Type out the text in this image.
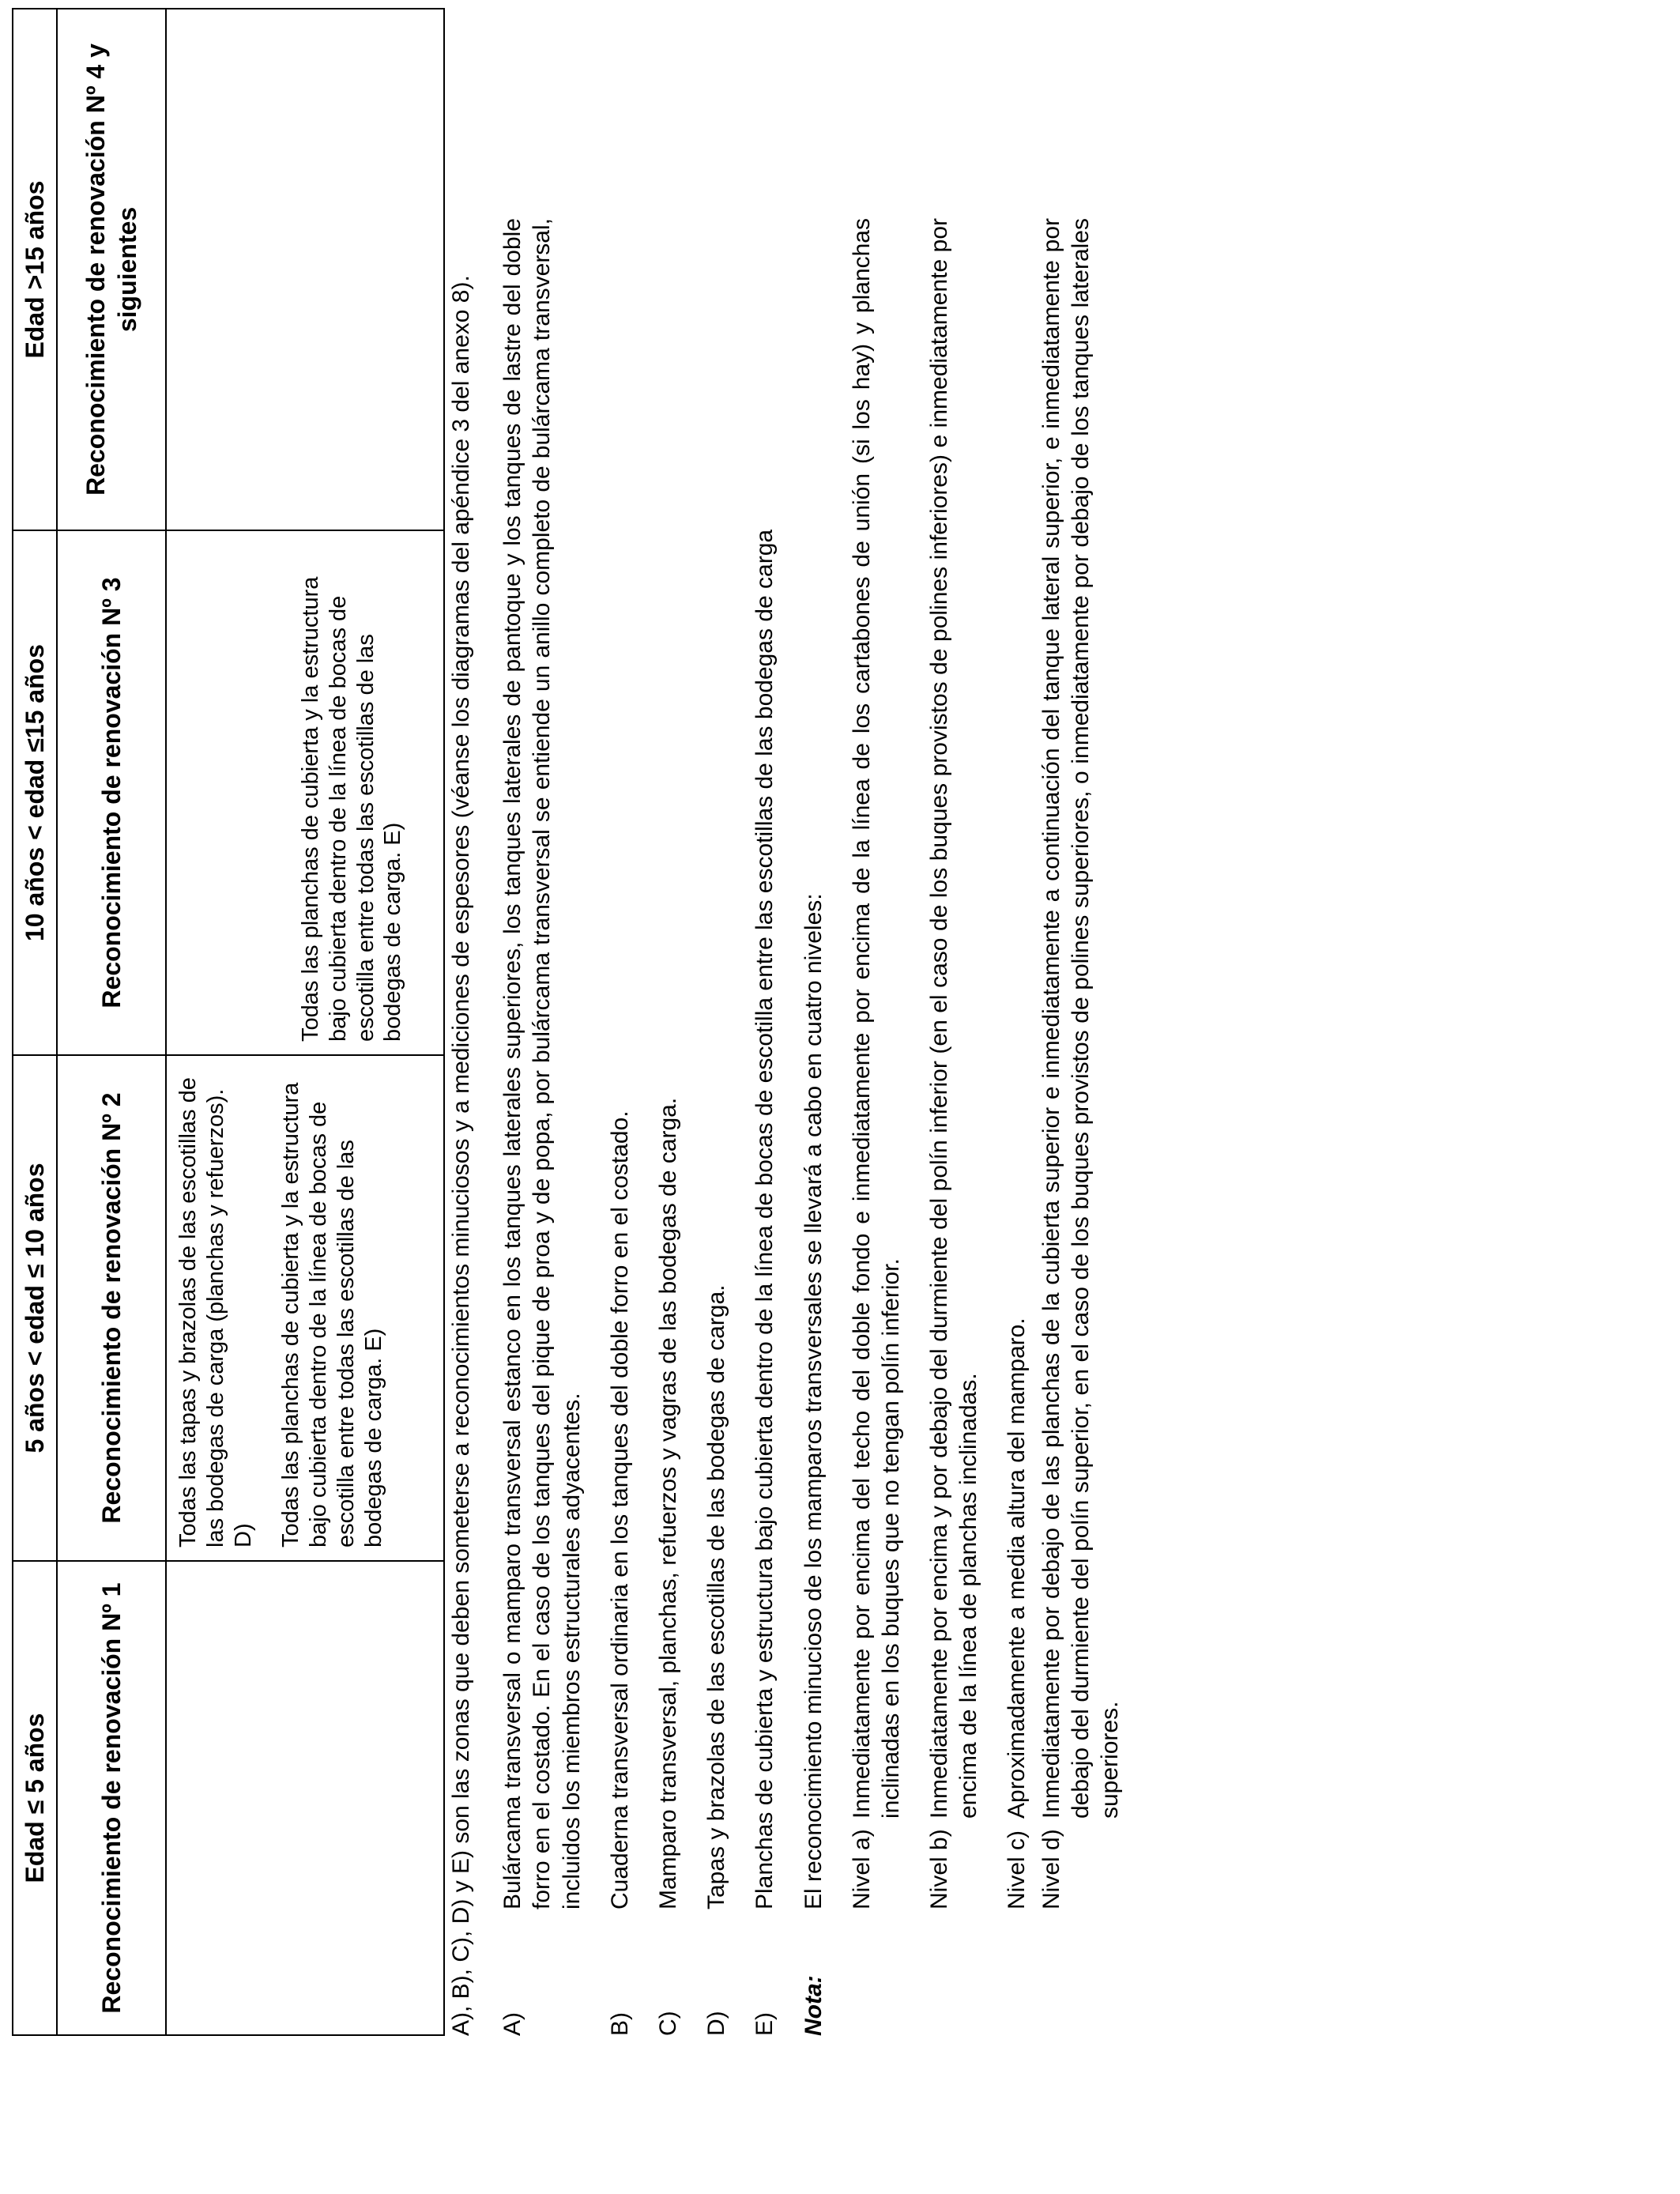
Edad ≤ 5 años	5 años < edad ≤ 10 años	10 años < edad ≤15 años	Edad >15 años
Reconocimiento de renovación Nº 1	Reconocimiento de renovación Nº 2	Reconocimiento de renovación Nº 3	Reconocimiento de renovación Nº 4 y siguientes

	Todas las tapas y brazolas de las escotillas de las bodegas de carga (planchas y refuerzos). D) Todas las planchas de cubierta y la estructura bajo cubierta dentro de la línea de bocas de escotilla entre todas las escotillas de las bodegas de carga. E)	Todas las planchas de cubierta y la estructura bajo cubierta dentro de la línea de bocas de escotilla entre todas las escotillas de las bodegas de carga. E)	

	A), B), C), D) y E) son las zonas que deben someterse a reconocimientos minuciosos y a mediciones de espesores (véanse los diagramas del apéndice 3 del anexo 8). A)
Bulárcama transversal o mamparo transversal estanco en los tanques laterales superiores, los tanques laterales de pantoque y los tanques de lastre del doble forro en el costado. En el caso de los tanques del pique de proa y de popa, por bulárcama transversal se entiende un anillo completo de bulárcama transversal, incluidos los miembros estructurales adyacentes.
B)
Cuaderna transversal ordinaria en los tanques del doble forro en el costado.
C)
Mamparo transversal, planchas, refuerzos y vagras de las bodegas de carga.
D)
Tapas y brazolas de las escotillas de las bodegas de carga.
E)
Planchas de cubierta y estructura bajo cubierta dentro de la línea de bocas de escotilla entre las escotillas de las bodegas de carga
Nota:
El reconocimiento minucioso de los mamparos transversales se llevará a cabo en cuatro niveles: Nivel a)
Inmediatamente por encima del techo del doble fondo e inmediatamente por encima de la línea de los cartabones de unión (si los hay) y planchas inclinadas en los buques que no tengan polín inferior.
Nivel b)
Inmediatamente por encima y por debajo del durmiente del polín inferior (en el caso de los buques provistos de polines inferiores) e inmediatamente por encima de la línea de planchas inclinadas.
Nivel c)
Aproximadamente a media altura del mamparo.
Nivel d)
Inmediatamente por debajo de las planchas de la cubierta superior e inmediatamente a continuación del tanque lateral superior, e inmediatamente por debajo del durmiente del polín superior, en el caso de los buques provistos de polines superiores, o inmediatamente por debajo de los tanques laterales superiores.
